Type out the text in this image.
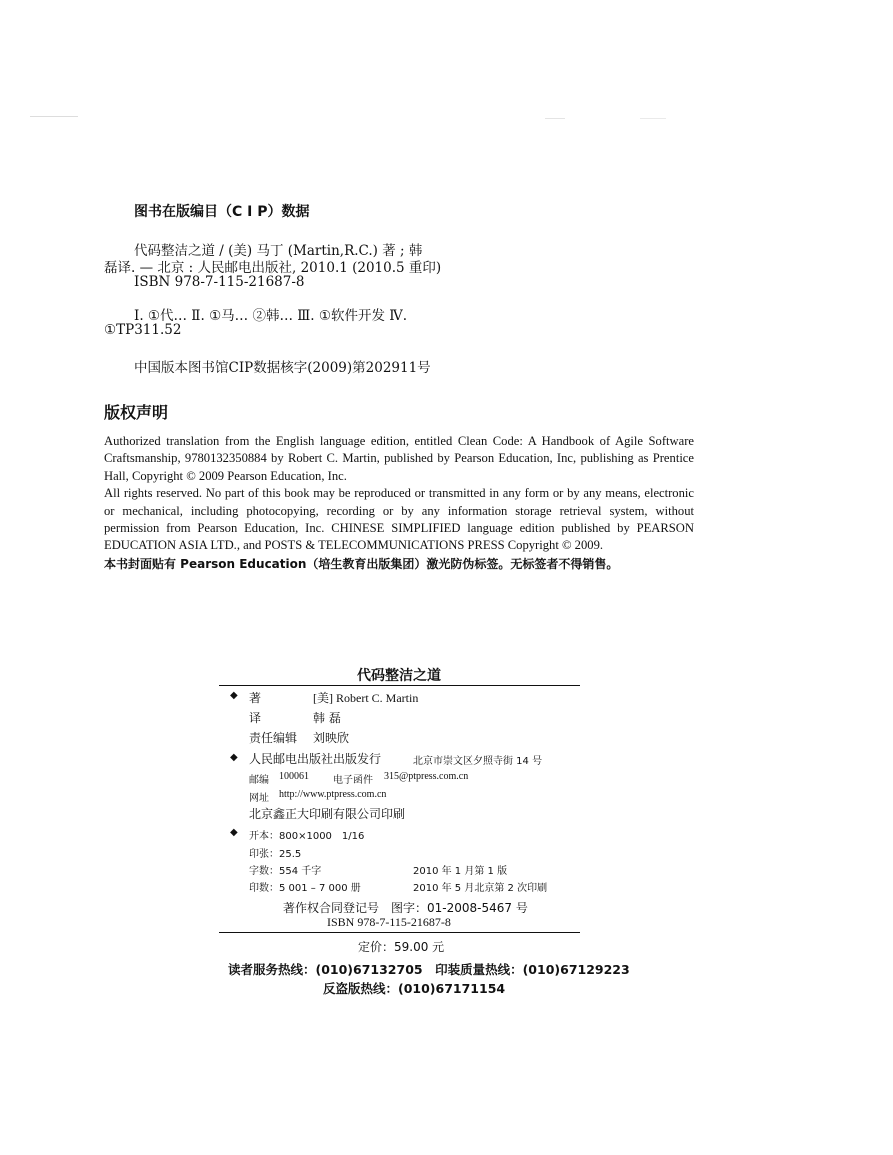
图书在版编目（C I P）数据
代码整洁之道 / (美) 马丁 (Martin,R.C.) 著 ; 韩
磊译. — 北京 : 人民邮电出版社, 2010.1 (2010.5 重印)
ISBN 978-7-115-21687-8
Ⅰ. ①代… Ⅱ. ①马… ②韩… Ⅲ. ①软件开发 Ⅳ.
①TP311.52
中国版本图书馆CIP数据核字(2009)第202911号
版权声明

Authorized translation from the English language edition, entitled Clean Code: A Handbook of Agile Software Craftsmanship, 9780132350884 by Robert C. Martin, published by Pearson Education, Inc, publishing as Prentice Hall, Copyright © 2009 Pearson Education, Inc.

All rights reserved. No part of this book may be reproduced or transmitted in any form or by any means, electronic or mechanical, including photocopying, recording or by any information storage retrieval system, without permission from Pearson Education, Inc. CHINESE SIMPLIFIED language edition published by PEARSON EDUCATION ASIA LTD., and POSTS & TELECOMMUNICATIONS PRESS Copyright © 2009.

本书封面贴有 Pearson Education（培生教育出版集团）激光防伪标签。无标签者不得销售。

代码整洁之道
◆ 著	[美] Robert C. Martin
译	韩 磊
责任编辑 刘映欣
◆ 人民邮电出版社出版发行	北京市崇文区夕照寺街 14 号
邮编 100061 电子函件 315@ptpress.com.cn
网址 http://www.ptpress.com.cn
北京鑫正大印刷有限公司印刷
◆ 开本：800×1000　1/16
印张：25.5
字数：554 千字	2010 年 1 月第 1 版
印数：5 001 – 7 000 册	2010 年 5 月北京第 2 次印刷
著作权合同登记号　图字：01-2008-5467 号
ISBN 978-7-115-21687-8
定价：59.00 元
读者服务热线：(010)67132705　印装质量热线：(010)67129223
反盗版热线：(010)67171154
